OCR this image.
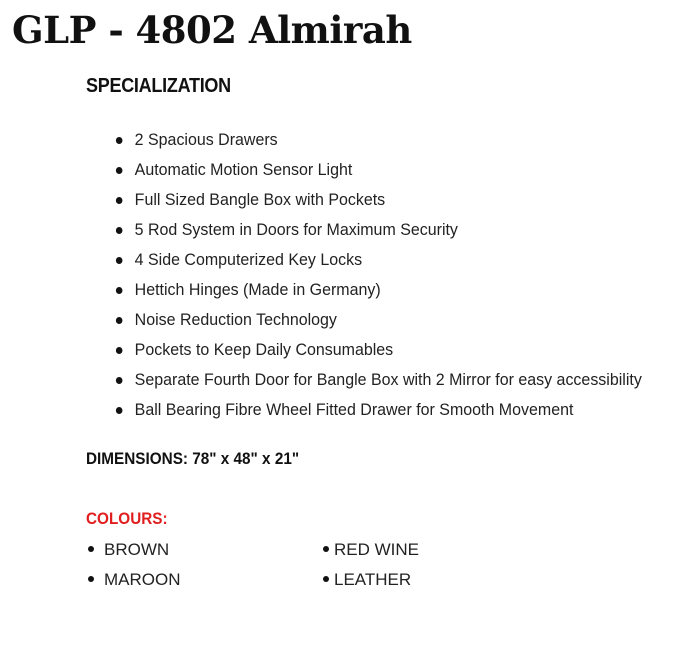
GLP - 4802 Almirah
SPECIALIZATION
2 Spacious Drawers
Automatic Motion Sensor Light
Full Sized Bangle Box with Pockets
5 Rod System in Doors for Maximum Security
4 Side Computerized Key Locks
Hettich Hinges (Made in Germany)
Noise Reduction Technology
Pockets to Keep Daily Consumables
Separate Fourth Door for Bangle Box with 2 Mirror for easy accessibility
Ball Bearing Fibre Wheel Fitted Drawer for Smooth Movement

DIMENSIONS: 78" x 48" x 21"

COLOURS:

BROWN	RED WINE
MAROON	LEATHER
